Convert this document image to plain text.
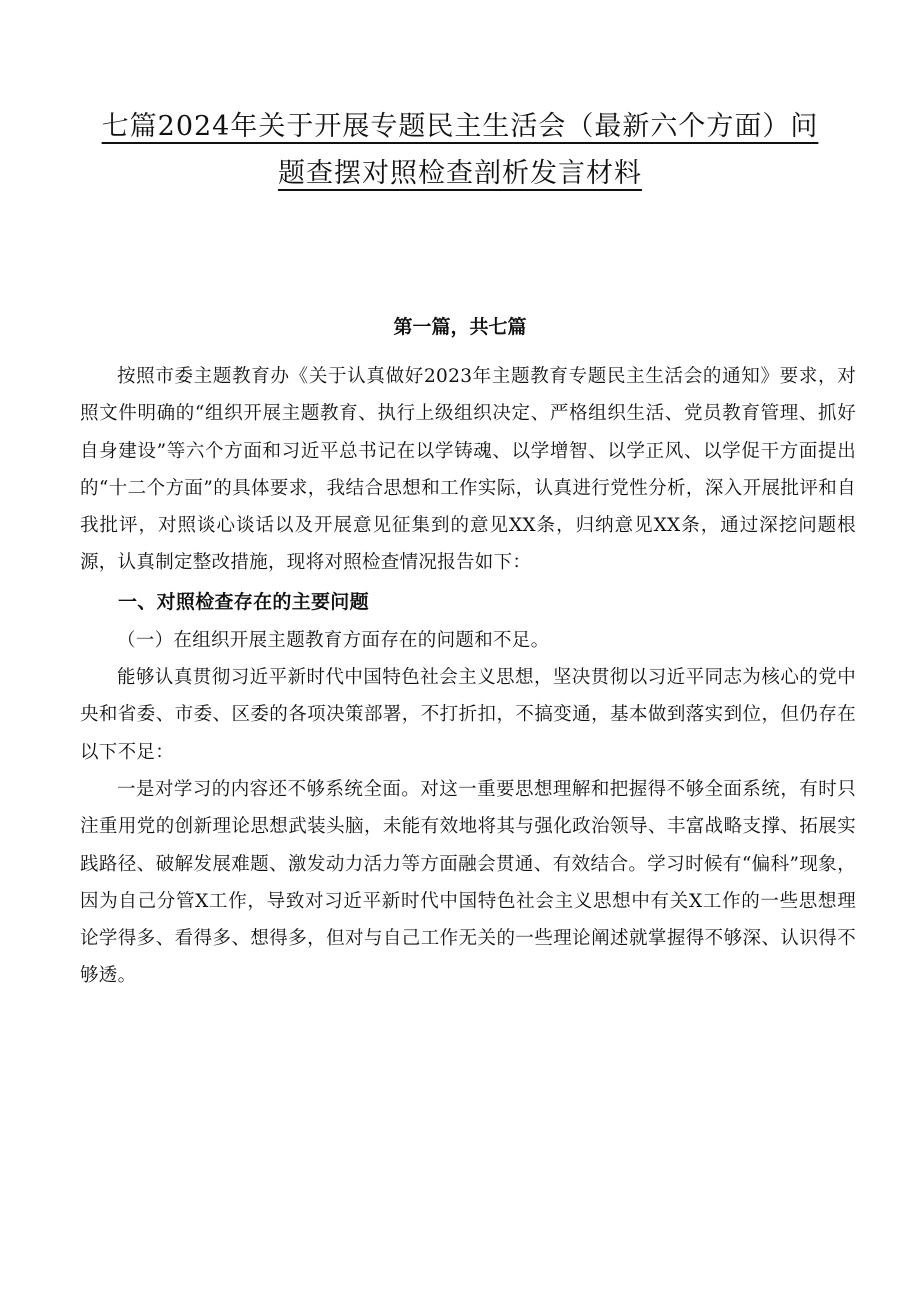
七篇2024年关于开展专题民主生活会（最新六个方面）问
题查摆对照检查剖析发言材料
第一篇，共七篇

按照市委主题教育办《关于认真做好2023年主题教育专题民主生活会的通知》要求，对照文件明确的“组织开展主题教育、执行上级组织决定、严格组织生活、党员教育管理、抓好自身建设”等六个方面和习近平总书记在以学铸魂、以学增智、以学正风、以学促干方面提出的“十二个方面”的具体要求，我结合思想和工作实际，认真进行党性分析，深入开展批评和自我批评，对照谈心谈话以及开展意见征集到的意见XX条，归纳意见XX条，通过深挖问题根源，认真制定整改措施，现将对照检查情况报告如下：

一、对照检查存在的主要问题

（一）在组织开展主题教育方面存在的问题和不足。

能够认真贯彻习近平新时代中国特色社会主义思想，坚决贯彻以习近平同志为核心的党中央和省委、市委、区委的各项决策部署，不打折扣，不搞变通，基本做到落实到位，但仍存在以下不足：

一是对学习的内容还不够系统全面。对这一重要思想理解和把握得不够全面系统，有时只注重用党的创新理论思想武装头脑，未能有效地将其与强化政治领导、丰富战略支撑、拓展实践路径、破解发展难题、激发动力活力等方面融会贯通、有效结合。学习时候有“偏科”现象，因为自己分管X工作，导致对习近平新时代中国特色社会主义思想中有关X工作的一些思想理论学得多、看得多、想得多，但对与自己工作无关的一些理论阐述就掌握得不够深、认识得不够透。
